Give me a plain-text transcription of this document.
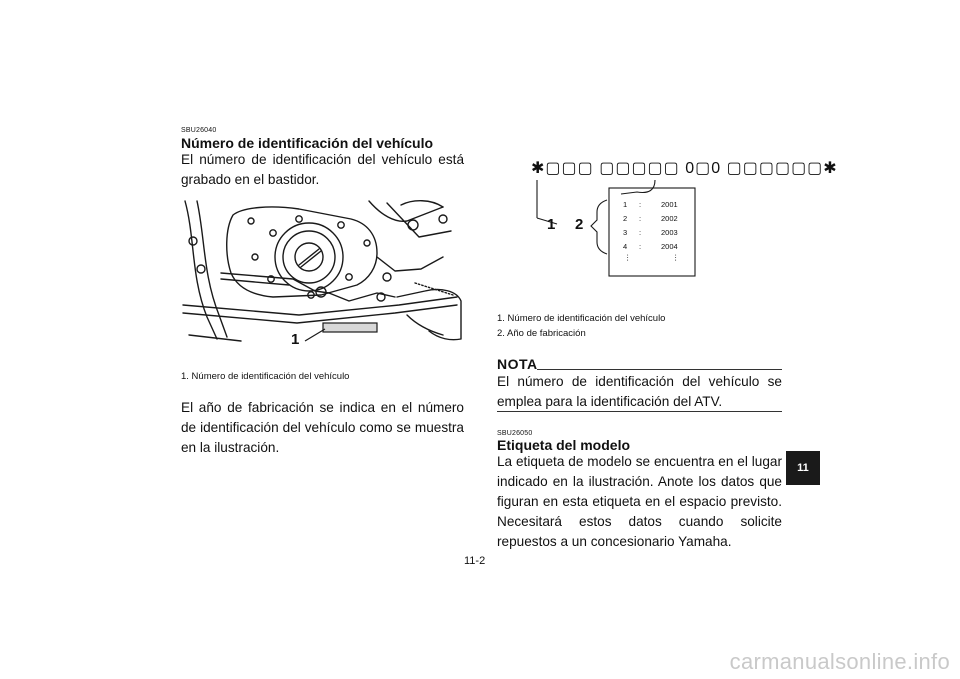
SBU26040
Número de identificación del vehículo
El número de identificación del vehículo está grabado en el bastidor.
1
1. Número de identificación del vehículo
El año de fabricación se indica en el número de identificación del vehículo como se muestra en la ilustración.
✱▢▢▢ ▢▢▢▢▢ 0▢0 ▢▢▢▢▢▢✱
1 2
1 :	2001
2 :	2002
3 :	2003
4 :	2004
⋮	⋮
1. Número de identificación del vehículo
2. Año de fabricación
NOTA
El número de identificación del vehículo se emplea para la identificación del ATV.
SBU26050
Etiqueta del modelo
La etiqueta de modelo se encuentra en el lugar indicado en la ilustración. Anote los datos que figuran en esta etiqueta en el espacio previsto. Necesitará estos datos cuando solicite repuestos a un concesionario Yamaha.
11-2
11
carmanualsonline.info
